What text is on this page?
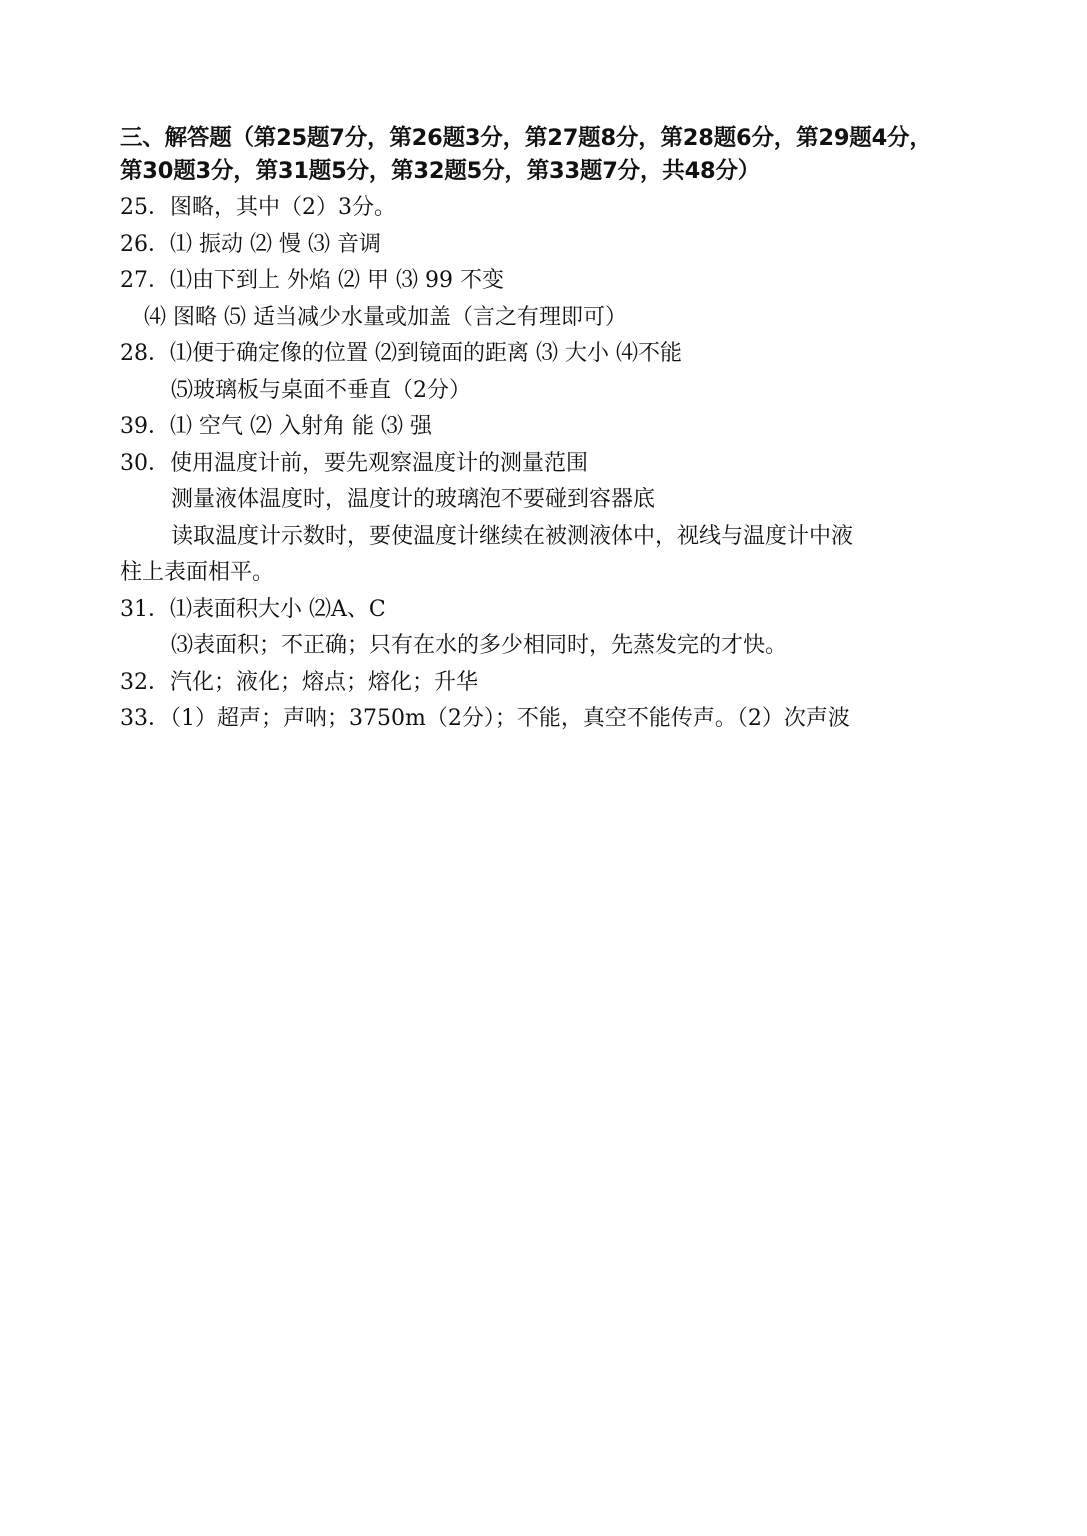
三、解答题（第25题7分，第26题3分，第27题8分，第28题6分，第29题4分，
第30题3分，第31题5分，第32题5分，第33题7分，共48分）
25．图略，其中（2）3分。
26．⑴ 振动 ⑵ 慢 ⑶ 音调
27．⑴由下到上 外焰 ⑵ 甲 ⑶ 99 不变
⑷ 图略 ⑸ 适当减少水量或加盖（言之有理即可）
28．⑴便于确定像的位置 ⑵到镜面的距离 ⑶ 大小 ⑷不能
⑸玻璃板与桌面不垂直（2分）
39．⑴ 空气 ⑵ 入射角 能 ⑶ 强
30．使用温度计前，要先观察温度计的测量范围
测量液体温度时，温度计的玻璃泡不要碰到容器底
读取温度计示数时，要使温度计继续在被测液体中，视线与温度计中液
柱上表面相平。
31．⑴表面积大小 ⑵A、C
⑶表面积；不正确；只有在水的多少相同时，先蒸发完的才快。
32．汽化；液化；熔点；熔化；升华
33．（1）超声；声呐；3750m（2分）；不能，真空不能传声。（2）次声波
